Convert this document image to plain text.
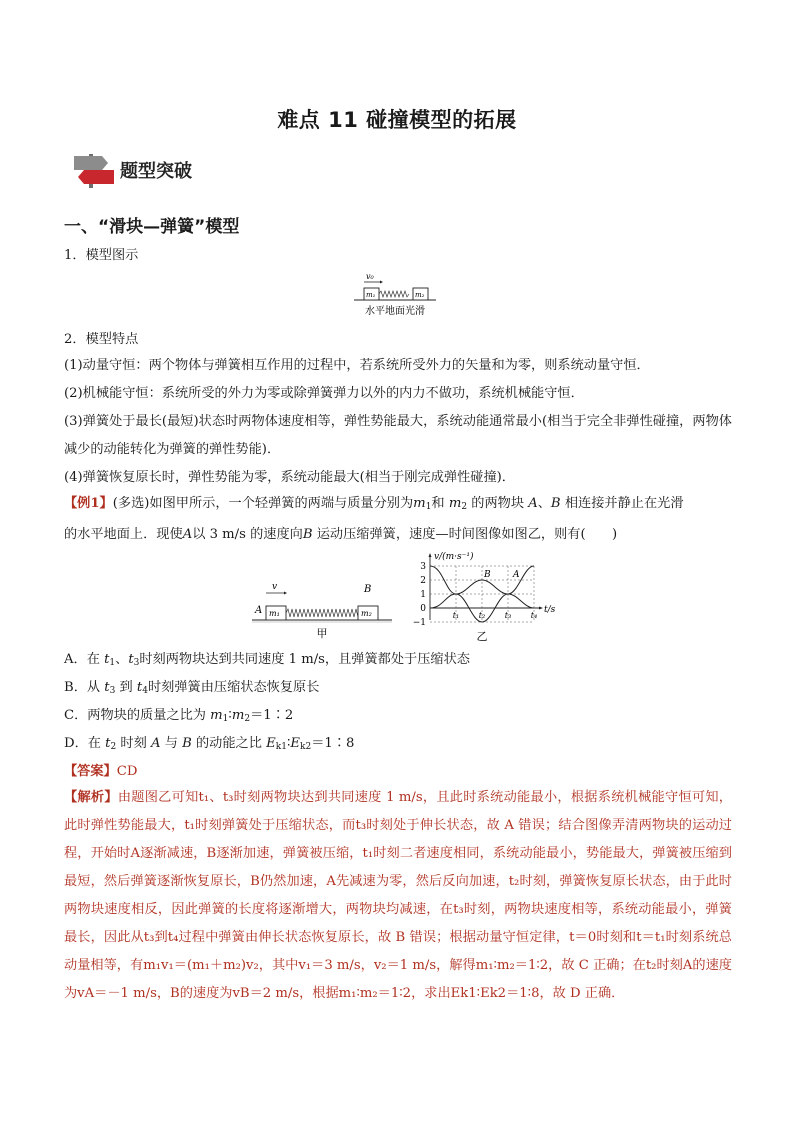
难点 11 碰撞模型的拓展
题型突破
一、“滑块—弹簧”模型
1．模型图示
v₀
m₁	m₂
水平地面光滑
2．模型特点
(1)动量守恒：两个物体与弹簧相互作用的过程中，若系统所受外力的矢量和为零，则系统动量守恒．
(2)机械能守恒：系统所受的外力为零或除弹簧弹力以外的内力不做功，系统机械能守恒．
(3)弹簧处于最长(最短)状态时两物体速度相等，弹性势能最大，系统动能通常最小(相当于完全非弹性碰撞，两物体减少的动能转化为弹簧的弹性势能)．
(4)弹簧恢复原长时，弹性势能为零，系统动能最大(相当于刚完成弹性碰撞)．
【例1】(多选)如图甲所示，一个轻弹簧的两端与质量分别为$m_1$和 $m_2$ 的两物块 A、B 相连接并静止在光滑
的水平地面上．现使A以 3 m/s 的速度向B 运动压缩弹簧，速度—时间图像如图乙，则有(　　)
v	B
A m₁	m₂
甲
v/(m·s⁻¹)
t/s
3
2
1
0
−1
t₁ t₂ t₃ t₄
B A
乙
A．在 $t_1$、$t_3$时刻两物块达到共同速度 1 m/s，且弹簧都处于压缩状态
B．从 $t_3$ 到 $t_4$时刻弹簧由压缩状态恢复原长
C．两物块的质量之比为 $m_1∶m_2=1∶2$
D．在 $t_2$ 时刻 A 与 B 的动能之比 $E_{k1}∶E_{k2}=1∶8$
【答案】CD
【解析】由题图乙可知t₁、t₃时刻两物块达到共同速度 1 m/s，且此时系统动能最小，根据系统机械能守恒可知，此时弹性势能最大，t₁时刻弹簧处于压缩状态，而t₃时刻处于伸长状态，故 A 错误；结合图像弄清两物块的运动过程，开始时A逐渐减速，B逐渐加速，弹簧被压缩，t₁时刻二者速度相同，系统动能最小，势能最大，弹簧被压缩到最短，然后弹簧逐渐恢复原长，B仍然加速，A先减速为零，然后反向加速，t₂时刻，弹簧恢复原长状态，由于此时两物块速度相反，因此弹簧的长度将逐渐增大，两物块均减速，在t₃时刻，两物块速度相等，系统动能最小，弹簧最长，因此从t₃到t₄过程中弹簧由伸长状态恢复原长，故 B 错误；根据动量守恒定律，t＝0时刻和t＝t₁时刻系统总动量相等，有m₁v₁＝(m₁＋m₂)v₂，其中v₁＝3 m/s，v₂＝1 m/s，解得m₁∶m₂＝1∶2，故 C 正确；在t₂时刻A的速度为vA＝－1 m/s，B的速度为vB＝2 m/s，根据m₁∶m₂＝1∶2，求出Ek1∶Ek2＝1∶8，故 D 正确．
